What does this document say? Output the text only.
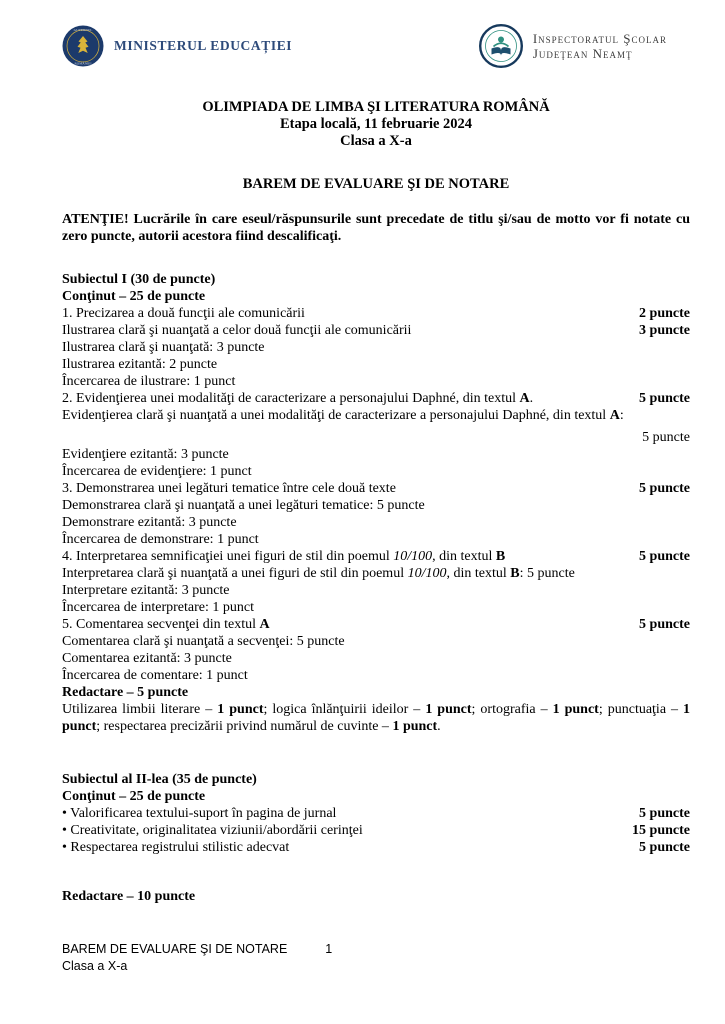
GUVERNUL
ROMÂNIEI
MINISTERUL EDUCAȚIEI	Inspectoratul Şcolar
Judeţean Neamţ
OLIMPIADA DE LIMBA ŞI LITERATURA ROMÂNĂ
Etapa locală, 11 februarie 2024
Clasa a X-a
BAREM DE EVALUARE ŞI DE NOTARE

ATENŢIE! Lucrările în care eseul/răspunsurile sunt precedate de titlu şi/sau de motto vor fi notate cu zero puncte, autorii acestora fiind descalificaţi.

Subiectul I (30 de puncte)
Conţinut – 25 de puncte
1. Precizarea a două funcţii ale comunicării	2 puncte
Ilustrarea clară şi nuanţată a celor două funcţii ale comunicării	3 puncte
Ilustrarea clară şi nuanţată: 3 puncte
Ilustrarea ezitantă: 2 puncte
Încercarea de ilustrare: 1 punct
2. Evidenţierea unei modalităţi de caracterizare a personajului Daphné, din textul A.	5 puncte
Evidenţierea clară şi nuanţată a unei modalităţi de caracterizare a personajului Daphné, din textul A:
5 puncte
Evidenţiere ezitantă: 3 puncte
Încercarea de evidenţiere: 1 punct
3. Demonstrarea unei legături tematice între cele două texte	5 puncte
Demonstrarea clară şi nuanţată a unei legături tematice: 5 puncte
Demonstrare ezitantă: 3 puncte
Încercarea de demonstrare: 1 punct
4. Interpretarea semnificaţiei unei figuri de stil din poemul 10/100, din textul B	5 puncte
Interpretarea clară şi nuanţată a unei figuri de stil din poemul 10/100, din textul B: 5 puncte
Interpretare ezitantă: 3 puncte
Încercarea de interpretare: 1 punct
5. Comentarea secvenţei din textul A	5 puncte
Comentarea clară şi nuanţată a secvenţei: 5 puncte
Comentarea ezitantă: 3 puncte
Încercarea de comentare: 1 punct
Redactare – 5 puncte
Utilizarea limbii literare – 1 punct; logica înlănţuirii ideilor – 1 punct; ortografia – 1 punct; punctuaţia – 1 punct; respectarea precizării privind numărul de cuvinte – 1 punct.
Subiectul al II-lea (35 de puncte)
Conţinut – 25 de puncte
• Valorificarea textului-suport în pagina de jurnal	5 puncte
• Creativitate, originalitatea viziunii/abordării cerinţei	15 puncte
• Respectarea registrului stilistic adecvat	5 puncte
Redactare – 10 puncte
BAREM DE EVALUARE ŞI DE NOTARE	1
Clasa a X-a
